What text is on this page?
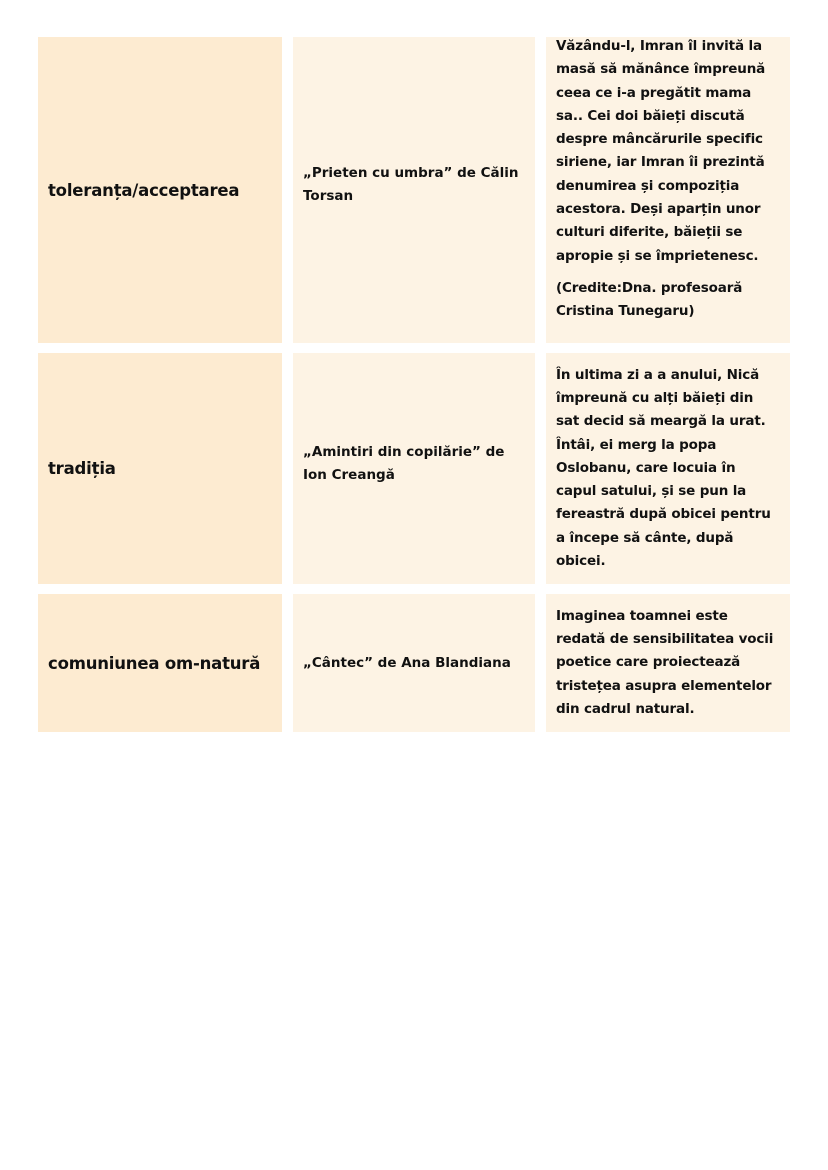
toleranța/acceptarea
„Prieten cu umbra” de Călin Torsan

Văzându-l, Imran îl invită la masă să mănânce împreună ceea ce i-a pregătit mama sa.. Cei doi băieți discută despre mâncărurile specific siriene, iar Imran îi prezintă denumirea și compoziția acestora. Deși aparțin unor culturi diferite, băieții se apropie și se împrietenesc.

(Credite:Dna. profesoară Cristina Tunegaru)

tradiția
„Amintiri din copilărie” de Ion Creangă

În ultima zi a a anului, Nică împreună cu alți băieți din sat decid să meargă la urat. Întâi, ei merg la popa Oslobanu, care locuia în capul satului, și se pun la fereastră după obicei pentru a începe să cânte, după obicei.

comuniunea om-natură	„Cântec” de Ana Blandiana

Imaginea toamnei este redată de sensibilitatea vocii poetice care proiectează tristețea asupra elementelor din cadrul natural.
